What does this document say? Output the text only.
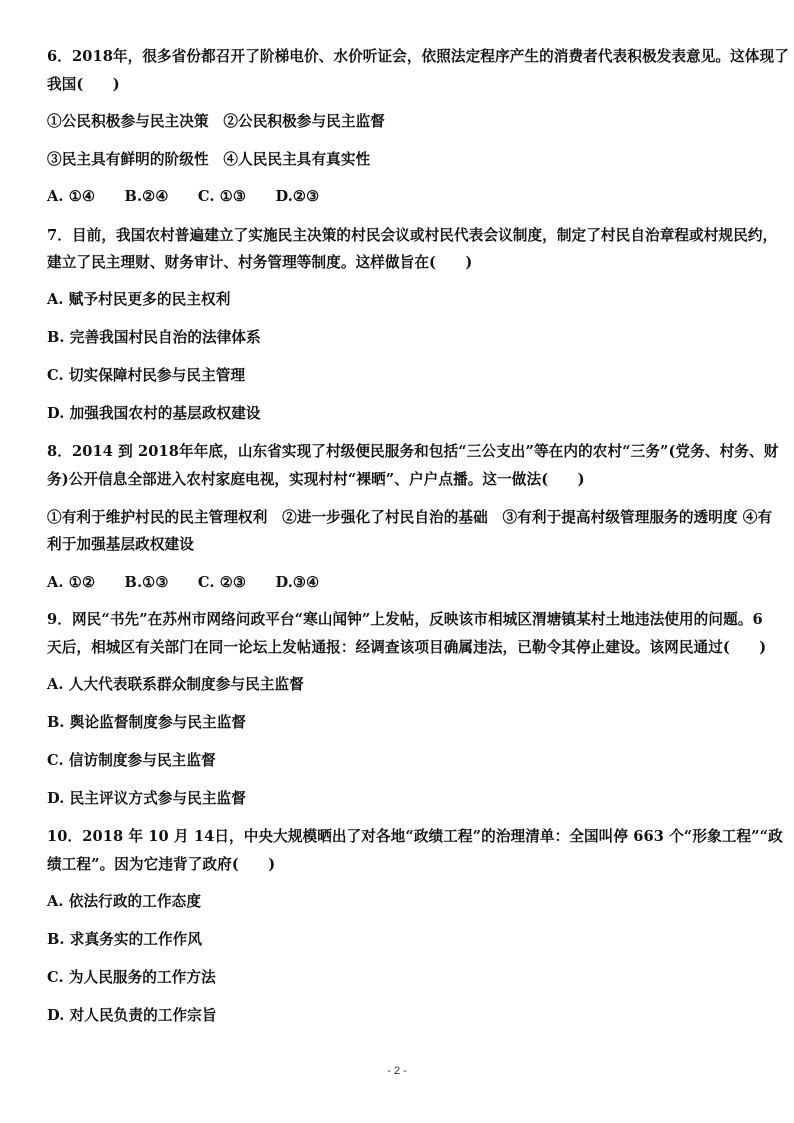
6．2018年，很多省份都召开了阶梯电价、水价听证会，依照法定程序产生的消费者代表积极发表意见。这体现了
我国(　　)
①公民积极参与民主决策　②公民积极参与民主监督
③民主具有鲜明的阶级性　④人民民主具有真实性
A. ①④　　B.②④　　C. ①③　　D.②③
7．目前，我国农村普遍建立了实施民主决策的村民会议或村民代表会议制度，制定了村民自治章程或村规民约，
建立了民主理财、财务审计、村务管理等制度。这样做旨在(　　)
A. 赋予村民更多的民主权利
B. 完善我国村民自治的法律体系
C. 切实保障村民参与民主管理
D. 加强我国农村的基层政权建设
8．2014 到 2018年年底，山东省实现了村级便民服务和包括“三公支出”等在内的农村“三务”(党务、村务、财
务)公开信息全部进入农村家庭电视，实现村村“裸晒”、户户点播。这一做法(　　)
①有利于维护村民的民主管理权利　②进一步强化了村民自治的基础　③有利于提高村级管理服务的透明度 ④有
利于加强基层政权建设
A. ①②　　B.①③　　C. ②③　　D.③④
9．网民“书先”在苏州市网络问政平台“寒山闻钟”上发帖，反映该市相城区渭塘镇某村土地违法使用的问题。6
天后，相城区有关部门在同一论坛上发帖通报：经调查该项目确属违法，已勒令其停止建设。该网民通过(　　)
A. 人大代表联系群众制度参与民主监督
B. 舆论监督制度参与民主监督
C. 信访制度参与民主监督
D. 民主评议方式参与民主监督
10．2018 年 10 月 14日，中央大规模晒出了对各地“政绩工程”的治理清单：全国叫停 663 个“形象工程”“政
绩工程”。因为它违背了政府(　　)
A. 依法行政的工作态度
B. 求真务实的工作作风
C. 为人民服务的工作方法
D. 对人民负责的工作宗旨
- 2 -
